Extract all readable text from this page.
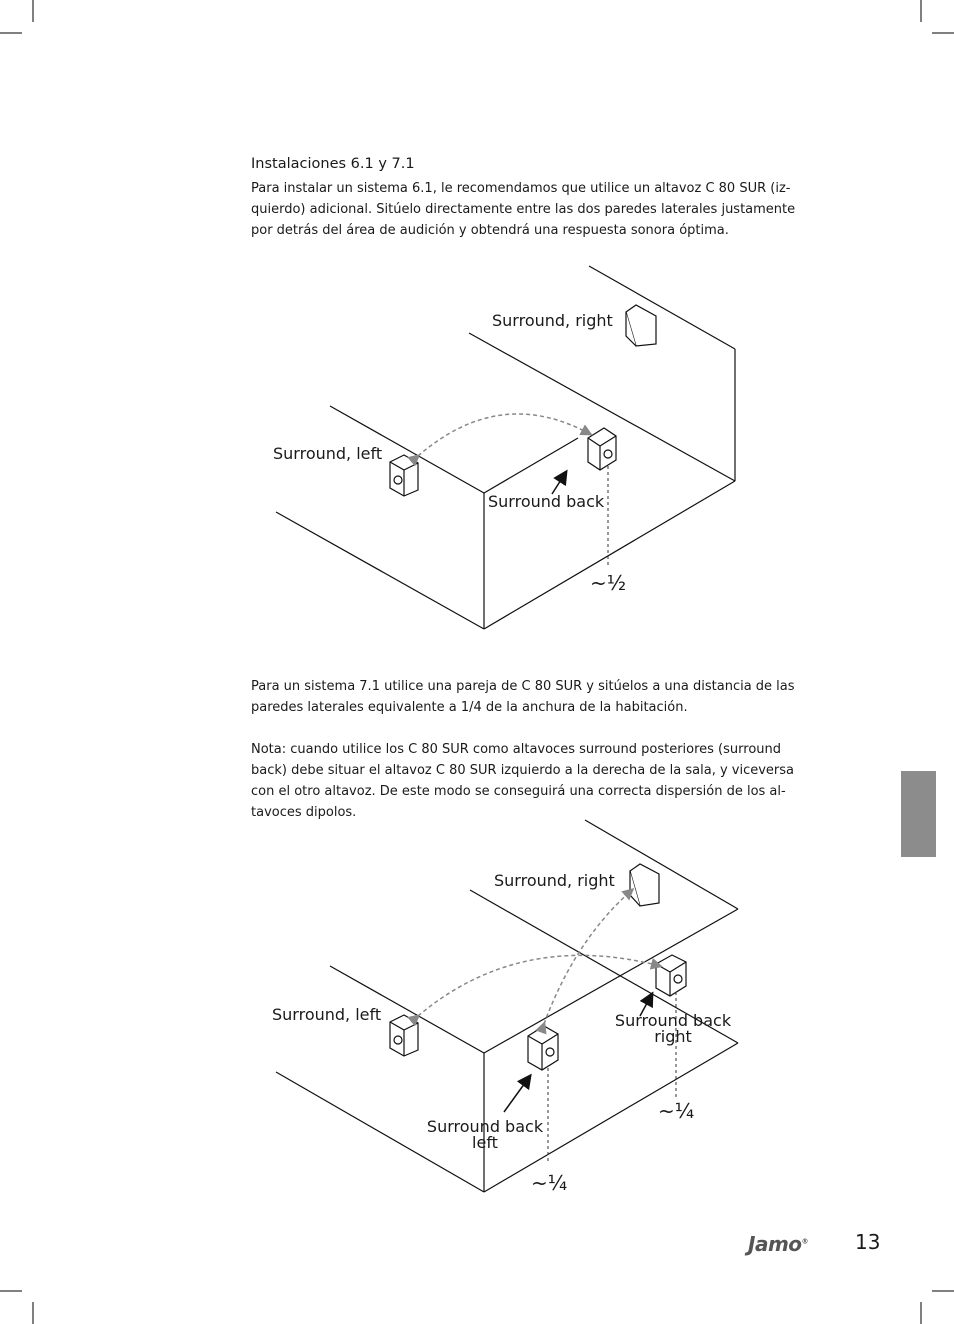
Instalaciones 6.1 y 7.1
Para instalar un sistema 6.1, le recomendamos que utilice un altavoz C 80 SUR (iz-
quierdo) adicional. Sitúelo directamente entre las dos paredes laterales justamente
por detrás del área de audición y obtendrá una respuesta sonora óptima.
Surround, right
Surround, left
Surround back
~½
Para un sistema 7.1 utilice una pareja de C 80 SUR y sitúelos a una distancia de las
paredes laterales equivalente a 1/4 de la anchura de la habitación.
Nota: cuando utilice los C 80 SUR como altavoces surround posteriores (surround
back) debe situar el altavoz C 80 SUR izquierdo a la derecha de la sala, y viceversa
con el otro altavoz. De este modo se conseguirá una correcta dispersión de los al-
tavoces dipolos.
Surround, right
Surround, left	Surround back
right
Surround back
left
~¼
~¼
Jamo® 13
